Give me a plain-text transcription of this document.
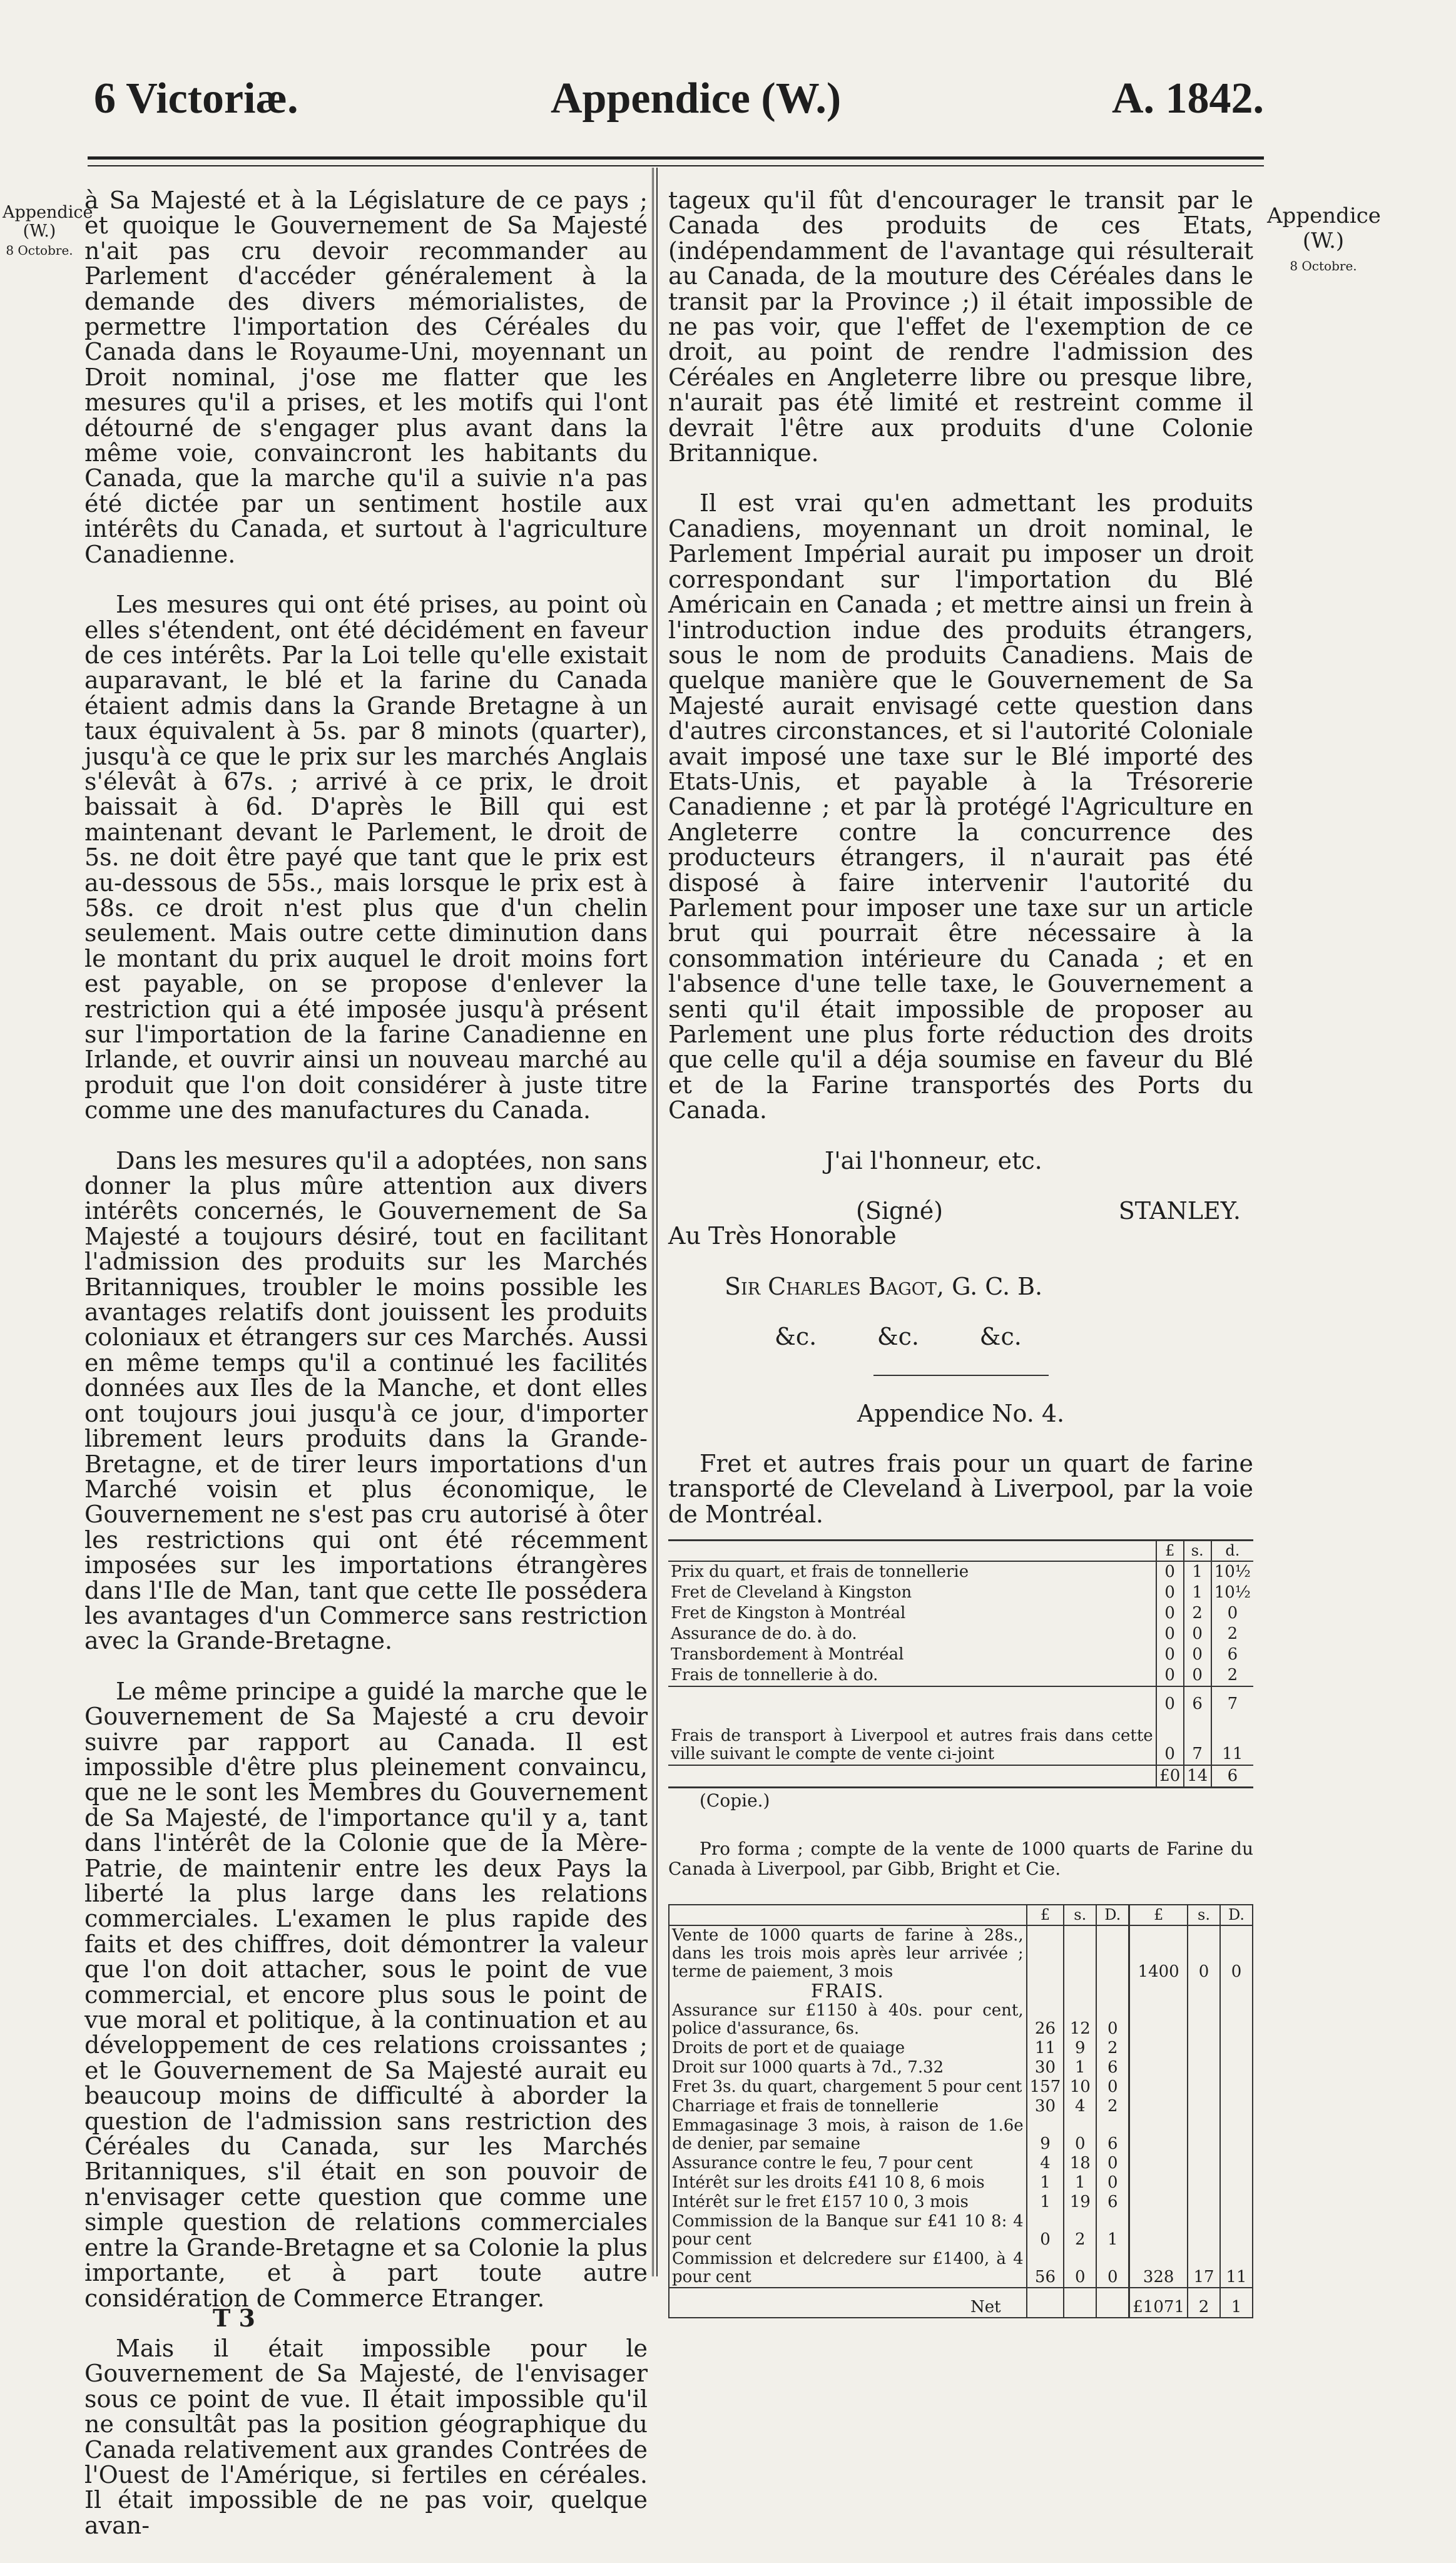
6 Victoriæ.	Appendice (W.)	A. 1842.
Appendice
(W.)
8 Octobre.
Appendice
(W.)
8 Octobre.

à Sa Majesté et à la Législature de ce pays ; et quoique le Gouvernement de Sa Majesté n'ait pas cru devoir recommander au Parlement d'accéder généralement à la demande des divers mémorialistes, de permettre l'importation des Céréales du Canada dans le Royaume-Uni, moyennant un Droit nominal, j'ose me flatter que les mesures qu'il a prises, et les motifs qui l'ont détourné de s'engager plus avant dans la même voie, convaincront les habitants du Canada, que la marche qu'il a suivie n'a pas été dictée par un sentiment hostile aux intérêts du Canada, et surtout à l'agriculture Canadienne.

Les mesures qui ont été prises, au point où elles s'étendent, ont été décidément en faveur de ces intérêts. Par la Loi telle qu'elle existait auparavant, le blé et la farine du Canada étaient admis dans la Grande Bretagne à un taux équivalent à 5s. par 8 minots (quarter), jusqu'à ce que le prix sur les marchés Anglais s'élevât à 67s. ; arrivé à ce prix, le droit baissait à 6d. D'après le Bill qui est maintenant devant le Parlement, le droit de 5s. ne doit être payé que tant que le prix est au-dessous de 55s., mais lorsque le prix est à 58s. ce droit n'est plus que d'un chelin seulement. Mais outre cette diminution dans le montant du prix auquel le droit moins fort est payable, on se propose d'enlever la restriction qui a été imposée jusqu'à présent sur l'importation de la farine Canadienne en Irlande, et ouvrir ainsi un nouveau marché au produit que l'on doit considérer à juste titre comme une des manufactures du Canada.

Dans les mesures qu'il a adoptées, non sans donner la plus mûre attention aux divers intérêts concernés, le Gouvernement de Sa Majesté a toujours désiré, tout en facilitant l'admission des produits sur les Marchés Britanniques, troubler le moins possible les avantages relatifs dont jouissent les produits coloniaux et étrangers sur ces Marchés. Aussi en même temps qu'il a continué les facilités données aux Iles de la Manche, et dont elles ont toujours joui jusqu'à ce jour, d'importer librement leurs produits dans la Grande-Bretagne, et de tirer leurs importations d'un Marché voisin et plus économique, le Gouvernement ne s'est pas cru autorisé à ôter les restrictions qui ont été récemment imposées sur les importations étrangères dans l'Ile de Man, tant que cette Ile possédera les avantages d'un Commerce sans restriction avec la Grande-Bretagne.

Le même principe a guidé la marche que le Gouvernement de Sa Majesté a cru devoir suivre par rapport au Canada. Il est impossible d'être plus pleinement convaincu, que ne le sont les Membres du Gouvernement de Sa Majesté, de l'importance qu'il y a, tant dans l'intérêt de la Colonie que de la Mère-Patrie, de maintenir entre les deux Pays la liberté la plus large dans les relations commerciales. L'examen le plus rapide des faits et des chiffres, doit démontrer la valeur que l'on doit attacher, sous le point de vue commercial, et encore plus sous le point de vue moral et politique, à la continuation et au développement de ces relations croissantes ; et le Gouvernement de Sa Majesté aurait eu beaucoup moins de difficulté à aborder la question de l'admission sans restriction des Céréales du Canada, sur les Marchés Britanniques, s'il était en son pouvoir de n'envisager cette question que comme une simple question de relations commerciales entre la Grande-Bretagne et sa Colonie la plus importante, et à part toute autre considération de Commerce Etranger.

Mais il était impossible pour le Gouvernement de Sa Majesté, de l'envisager sous ce point de vue. Il était impossible qu'il ne consultât pas la position géographique du Canada relativement aux grandes Contrées de l'Ouest de l'Amérique, si fertiles en céréales. Il était impossible de ne pas voir, quelque avan-

tageux qu'il fût d'encourager le transit par le Canada des produits de ces Etats, (indépendamment de l'avantage qui résulterait au Canada, de la mouture des Céréales dans le transit par la Province ;) il était impossible de ne pas voir, que l'effet de l'exemption de ce droit, au point de rendre l'admission des Céréales en Angleterre libre ou presque libre, n'aurait pas été limité et restreint comme il devrait l'être aux produits d'une Colonie Britannique.

Il est vrai qu'en admettant les produits Canadiens, moyennant un droit nominal, le Parlement Impérial aurait pu imposer un droit correspondant sur l'importation du Blé Américain en Canada ; et mettre ainsi un frein à l'introduction indue des produits étrangers, sous le nom de produits Canadiens. Mais de quelque manière que le Gouvernement de Sa Majesté aurait envisagé cette question dans d'autres circonstances, et si l'autorité Coloniale avait imposé une taxe sur le Blé importé des Etats-Unis, et payable à la Trésorerie Canadienne ; et par là protégé l'Agriculture en Angleterre contre la concurrence des producteurs étrangers, il n'aurait pas été disposé à faire intervenir l'autorité du Parlement pour imposer une taxe sur un article brut qui pourrait être nécessaire à la consommation intérieure du Canada ; et en l'absence d'une telle taxe, le Gouvernement a senti qu'il était impossible de proposer au Parlement une plus forte réduction des droits que celle qu'il a déja soumise en faveur du Blé et de la Farine transportés des Ports du Canada.

J'ai l'honneur, etc.

(Signé)	STANLEY.

Au Très Honorable

Sir Charles Bagot, G. C. B.

&c.        &c.        &c.

Appendice No. 4.

Fret et autres frais pour un quart de farine transporté de Cleveland à Liverpool, par la voie de Montréal.

	£	s.	d.
Prix du quart, et frais de tonnellerie	0	1	10½
Fret de Cleveland à Kingston	0	1	10½
Fret de Kingston à Montréal	0	2	0
Assurance de do. à do.	0	0	2
Transbordement à Montréal	0	0	6
Frais de tonnellerie à do.	0	0	2
	0	6	7
Frais de transport à Liverpool et autres frais dans cette ville suivant le compte de vente ci-joint	0	7	11
	£0	14	6

(Copie.)

Pro forma ; compte de la vente de 1000 quarts de Farine du Canada à Liverpool, par Gibb, Bright et Cie.

	£	s.	D.	£	s.	D.
Vente de 1000 quarts de farine à 28s., dans les trois mois après leur arrivée ; terme de paiement, 3 mois				1400	0	0
FRAIS.						
Assurance sur £1150 à 40s. pour cent, police d'assurance, 6s.	26	12	0			
Droits de port et de quaiage	11	9	2			
Droit sur 1000 quarts à 7d., 7.32	30	1	6			
Fret 3s. du quart, chargement 5 pour cent	157	10	0			
Charriage et frais de tonnellerie	30	4	2			
Emmagasinage 3 mois, à raison de 1.6e de denier, par semaine	9	0	6			
Assurance contre le feu, 7 pour cent	4	18	0			
Intérêt sur les droits £41 10 8, 6 mois	1	1	0			
Intérêt sur le fret £157 10 0, 3 mois	1	19	6			
Commission de la Banque sur £41 10 8: 4 pour cent	0	2	1			
Commission et delcredere sur £1400, à 4 pour cent	56	0	0	328	17	11
Net				£1071	2	1
T 3
